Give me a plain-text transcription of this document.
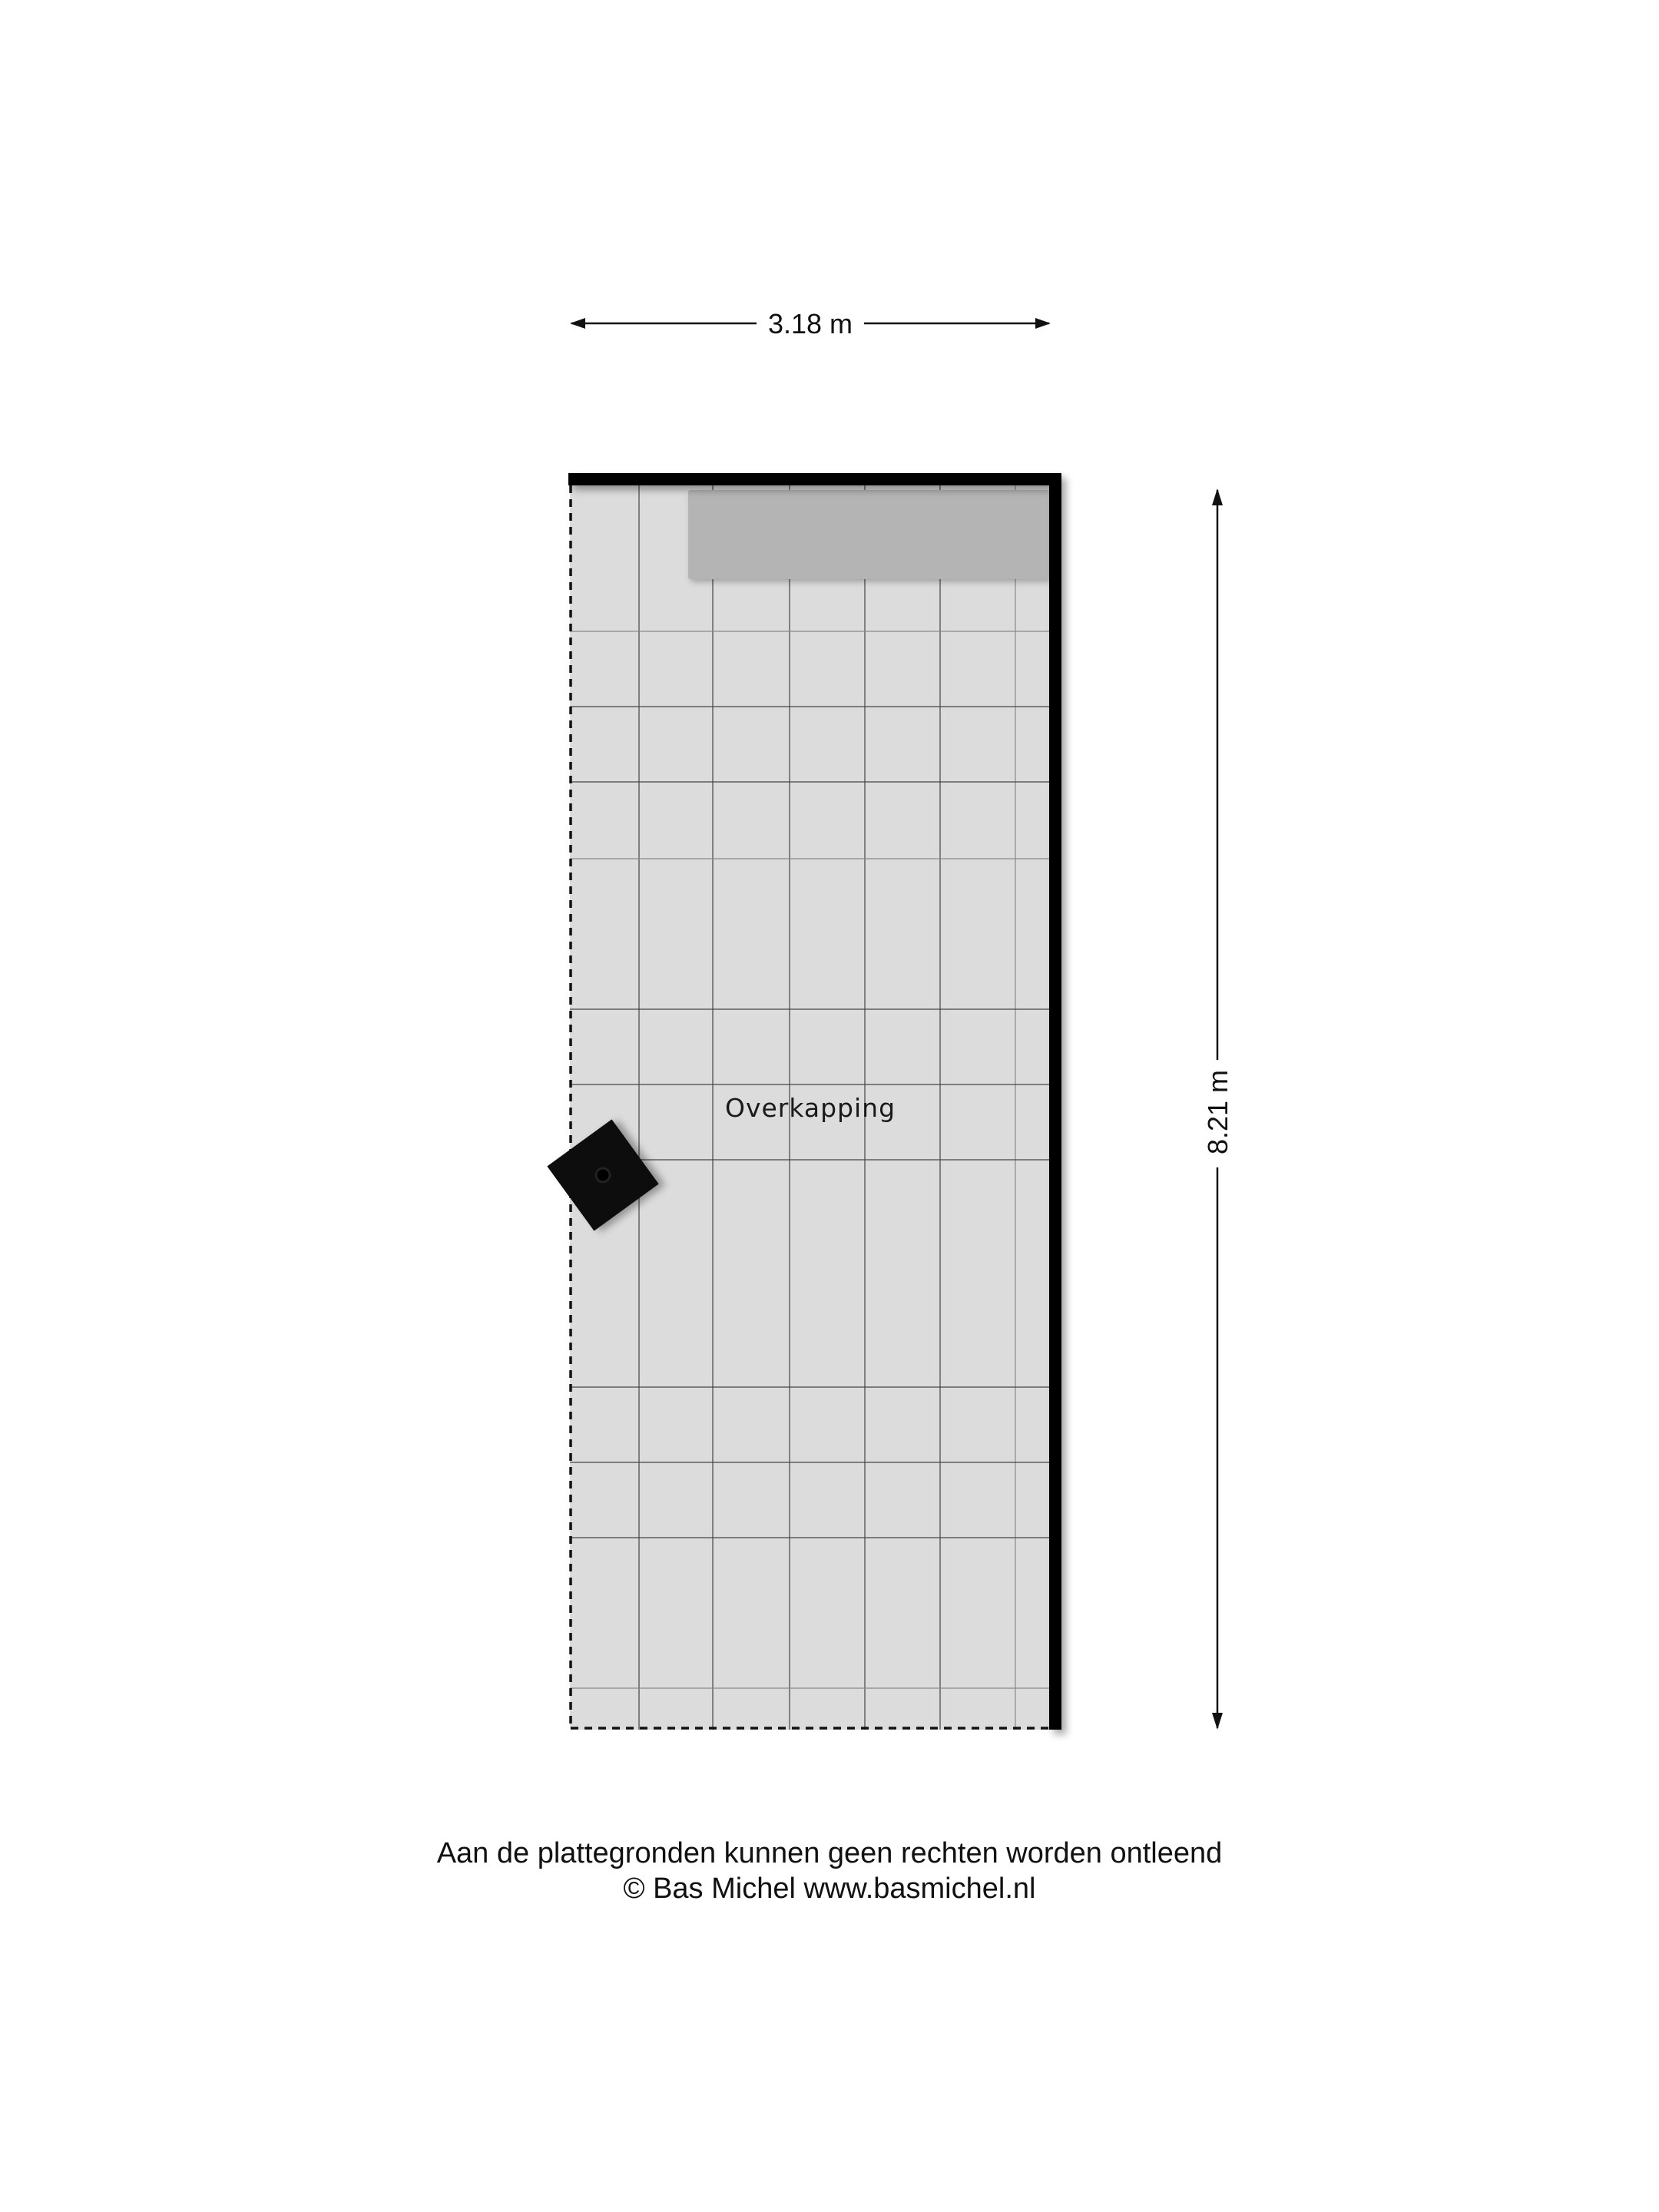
3.18 m
8.21 m
Overkapping
Aan de plattegronden kunnen geen rechten worden ontleend
© Bas Michel www.basmichel.nl
